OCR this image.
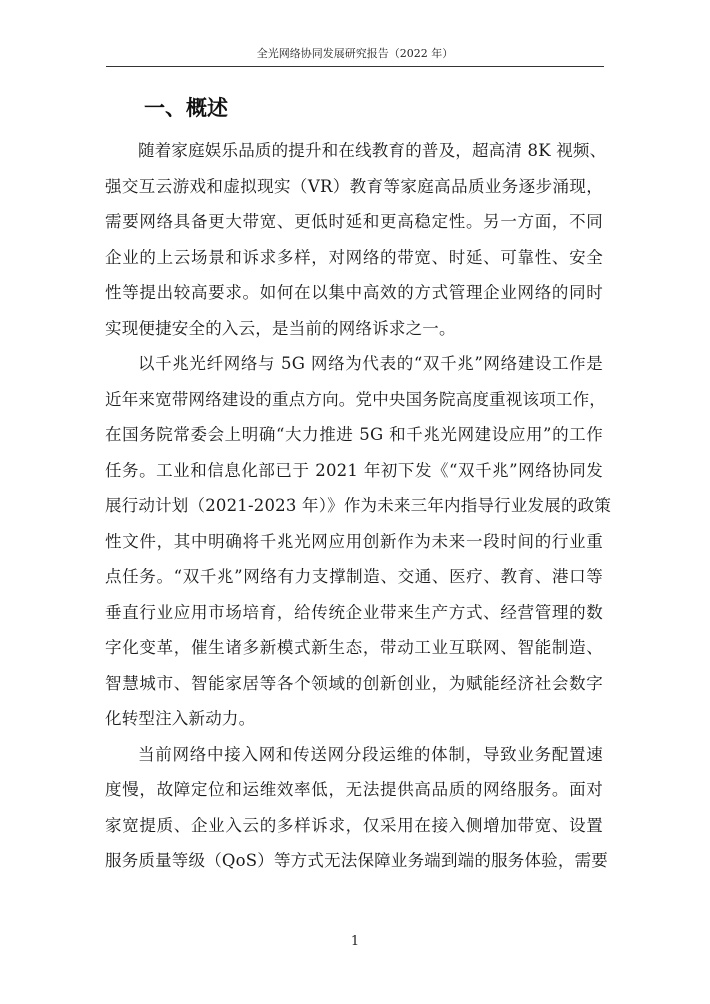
全光网络协同发展研究报告（2022 年）
一、概述
随着家庭娱乐品质的提升和在线教育的普及，超高清 8K 视频、
强交互云游戏和虚拟现实（VR）教育等家庭高品质业务逐步涌现，
需要网络具备更大带宽、更低时延和更高稳定性。另一方面，不同
企业的上云场景和诉求多样，对网络的带宽、时延、可靠性、安全
性等提出较高要求。如何在以集中高效的方式管理企业网络的同时
实现便捷安全的入云，是当前的网络诉求之一。
以千兆光纤网络与 5G 网络为代表的“双千兆”网络建设工作是
近年来宽带网络建设的重点方向。党中央国务院高度重视该项工作，
在国务院常委会上明确“大力推进 5G 和千兆光网建设应用”的工作
任务。工业和信息化部已于 2021 年初下发《“双千兆”网络协同发
展行动计划（2021-2023 年）》作为未来三年内指导行业发展的政策
性文件，其中明确将千兆光网应用创新作为未来一段时间的行业重
点任务。“双千兆”网络有力支撑制造、交通、医疗、教育、港口等
垂直行业应用市场培育，给传统企业带来生产方式、经营管理的数
字化变革，催生诸多新模式新生态，带动工业互联网、智能制造、
智慧城市、智能家居等各个领域的创新创业，为赋能经济社会数字
化转型注入新动力。
当前网络中接入网和传送网分段运维的体制，导致业务配置速
度慢，故障定位和运维效率低，无法提供高品质的网络服务。面对
家宽提质、企业入云的多样诉求，仅采用在接入侧增加带宽、设置
服务质量等级（QoS）等方式无法保障业务端到端的服务体验，需要
1
